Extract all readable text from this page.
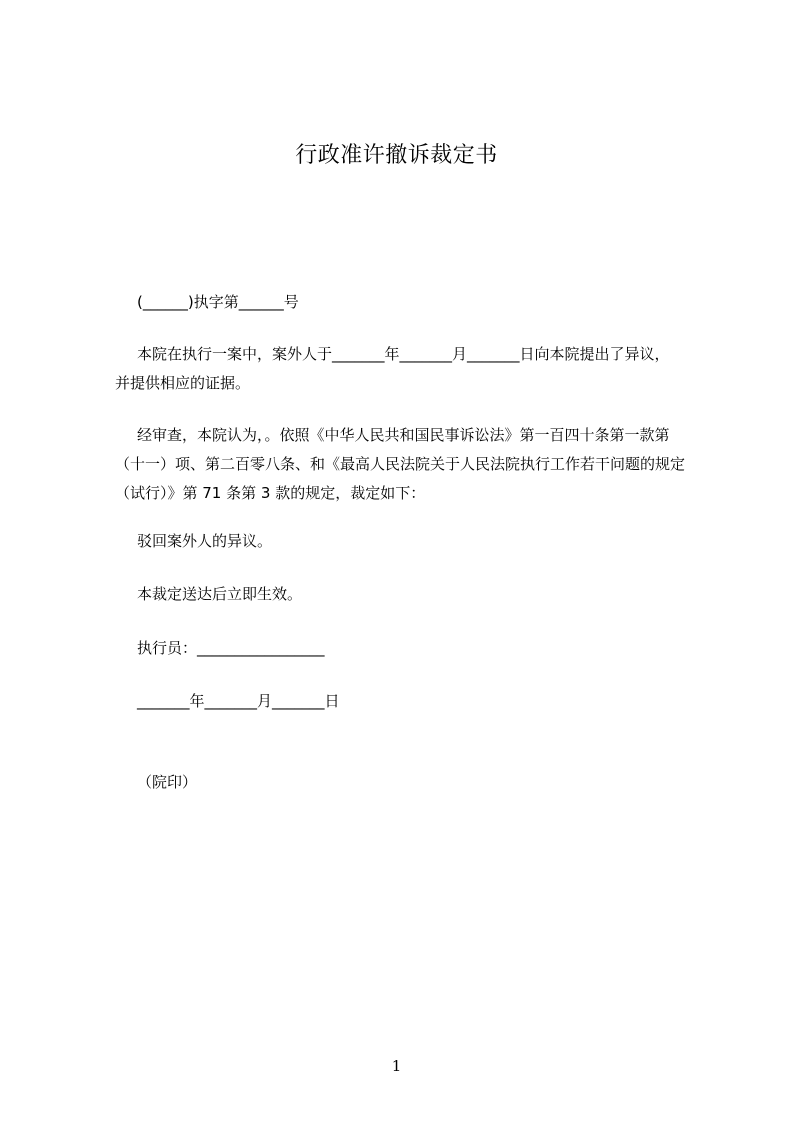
行政准许撤诉裁定书
(______)执字第______号
本院在执行一案中，案外人于_______年_______月_______日向本院提出了异议，
并提供相应的证据。
经审查，本院认为，。依照《中华人民共和国民事诉讼法》第一百四十条第一款第
（十一）项、第二百零八条、和《最高人民法院关于人民法院执行工作若干问题的规定
（试行）》第 71 条第 3 款的规定，裁定如下：
驳回案外人的异议。
本裁定送达后立即生效。
执行员：_________________
_______年_______月_______日
（院印）
1
